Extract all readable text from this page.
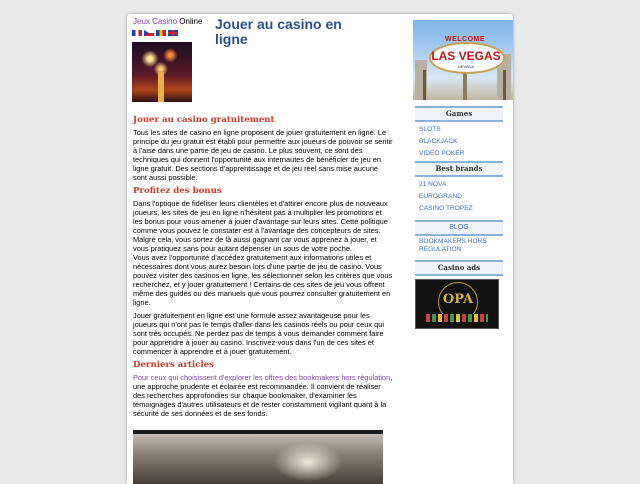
Jeux Casino Online Jouer au casino en ligne
Jouer au casino gratuitement

Tous les sites de casino en ligne proposent de jouer gratuitement en ligne. Le principe du jeu gratuit est établi pour permettre aux joueurs de pouvoir se sentir à l'aise dans une partie de jeu de casino. Le plus souvent, ce sont des techniques qui donnent l'opportunité aux internautes de bénéficier de jeu en ligne gratuit. Des sections d'apprentissage et de jeu réel sans mise aucune sont aussi possible.

Profitez des bonus

Dans l'optique de fidéliser leurs clientèles et d'attirer encore plus de nouveaux joueurs, les sites de jeu en ligne n'hésitent pas à multiplier les promotions et les bonus pour vous amener à jouer d'avantage sur leurs sites. Cette politique comme vous pouvez le constater est à l'avantage des concepteurs de sites. Malgré cela, vous sortez de là aussi gagnant car vous apprenez à jouer, et vous pratiquez sans pour autant dépenser un sous de votre poche.

Vous avez l'opportunité d'accédez gratuitement aux informations utiles et nécessaires dont vous aurez besoin lors d'une partie de jeu de casino. Vous pouvez visiter des casinos en ligne, les sélectionner selon les critères que vous recherchez, et y jouer gratuitement ! Certains de ces sites de jeu vous offrent même des guides ou des manuels que vous pourrez consulter gratuitement en ligne.

Jouer gratuitement en ligne est une formule assez avantageuse pour les joueurs qui n'ont pas le temps d'aller dans les casinos réels ou pour ceux qui sont très occupés. Ne perdez pas de temps à vous demander comment faire pour apprendre à jouer au casino. Inscrivez-vous dans l'un de ces sites et commencer à apprendre et à jouer gratuitement.

Derniers articles

Pour ceux qui choisissent d'explorer les offres des bookmakers hors régulation, une approche prudente et éclairée est recommandée. Il convient de réaliser des recherches approfondies sur chaque bookmaker, d'examiner les témoignages d'autres utilisateurs et de rester constamment vigilant quant à la sécurité de ses données et de ses fonds.

WELCOME
LAS VEGAS
NEVADA
Games
SLOTS
BLACKJACK
VIDEO POKER
Best brands
21 NOVA
EUROGRAND
CASINO TROPEZ
BLOG
BOOKMAKERS HORS RÉGULATION
Casino ads
OPA
